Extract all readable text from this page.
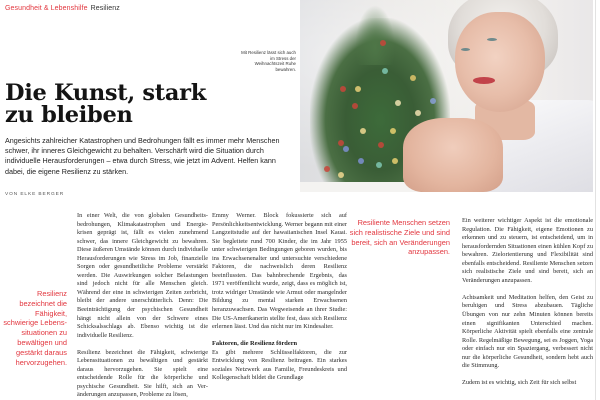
Gesundheit & Lebenshilfe Resilienz
Mit Resilienz lässt sich auch im Stress der Weihnachtszeit Ruhe bewahren.
Die Kunst, stark
zu bleiben

Angesichts zahlreicher Katastrophen und Bedrohungen fällt es immer mehr Menschen schwer, ihr inneres Gleichgewicht zu behalten. Verschärft wird die Situation durch individuelle Herausforderungen – etwa durch Stress, wie jetzt im Advent. Helfen kann dabei, die eigene Resilienz zu stärken.

VON ELKE BERGER
Resilienz bezeichnet die Fähigkeit, schwierige Lebenssituationen zu bewältigen und gestärkt daraus hervorzugehen.

In einer Welt, die von globalen Gesundheitsbedrohungen, Klimakatastrophen und Energiekrisen geprägt ist, fällt es vielen zunehmend schwer, das innere Gleichgewicht zu bewahren. Diese äußeren Umstände können durch individuelle Herausforderungen wie Stress im Job, finanzielle Sorgen oder gesundheitliche Probleme verstärkt werden. Die Auswirkungen solcher Belastungen sind jedoch nicht für alle Menschen gleich. Während der eine in schwierigen Zeiten zerbricht, bleibt der andere unerschütterlich. Denn: Die Beeinträchtigung der psychischen Gesundheit hängt nicht allein von der Schwere eines Schicksalsschlags ab. Ebenso wichtig ist die individuelle Resilienz.

Resilienz bezeichnet die Fähigkeit, schwierige Lebenssituationen zu bewältigen und gestärkt daraus hervorzugehen. Sie spielt eine entscheidende Rolle für die körperliche und psychische Gesundheit. Sie hilft, sich an Veränderungen anzupassen, Probleme zu lösen,

Emmy Werner. Block fokussierte sich auf Persönlichkeitsentwicklung. Werner begann mit einer Langzeitstudie auf der hawaiianischen Insel Kauai. Sie begleitete rund 700 Kinder, die im Jahr 1955 unter schwierigen Bedingungen geboren wurden, bis ins Erwachsenenalter und untersuchte verschiedene Faktoren, die nachweislich deren Resilienz beeinflussten. Das bahnbrechende Ergebnis, das 1971 veröffentlicht wurde, zeigt, dass es möglich ist, trotz widriger Umstände wie Armut oder mangelnder Bildung zu mental starken Erwachsenen heranzuwachsen. Das Wegweisende an ihrer Studie: Die US-Amerikanerin stellte fest, dass sich Resilienz erlernen lässt. Und das nicht nur im Kindesalter.

Faktoren, die Resilienz fördern

Es gibt mehrere Schlüsselfaktoren, die zur Entwicklung von Resilienz beitragen. Ein starkes soziales Netzwerk aus Familie, Freundeskreis und Kollegenschaft bildet die Grundlage

Resiliente Menschen setzen sich realistische Ziele und sind bereit, sich an Veränderungen anzupassen.

Ein weiterer wichtiger Aspekt ist die emotionale Regulation. Die Fähigkeit, eigene Emotionen zu erkennen und zu steuern, ist entscheidend, um in herausfordernden Situationen einen kühlen Kopf zu bewahren. Zielorientierung und Flexibilität sind ebenfalls entscheidend. Resiliente Menschen setzen sich realistische Ziele und sind bereit, sich an Veränderungen anzupassen.

Achtsamkeit und Meditation helfen, den Geist zu beruhigen und Stress abzubauen. Tägliche Übungen von nur zehn Minuten können bereits einen signifikanten Unterschied machen. Körperliche Aktivität spielt ebenfalls eine zentrale Rolle. Regelmäßige Bewegung, sei es Joggen, Yoga oder einfach nur ein Spaziergang, verbessert nicht nur die körperliche Gesundheit, sondern hebt auch die Stimmung.

Zudem ist es wichtig, sich Zeit für sich selbst
